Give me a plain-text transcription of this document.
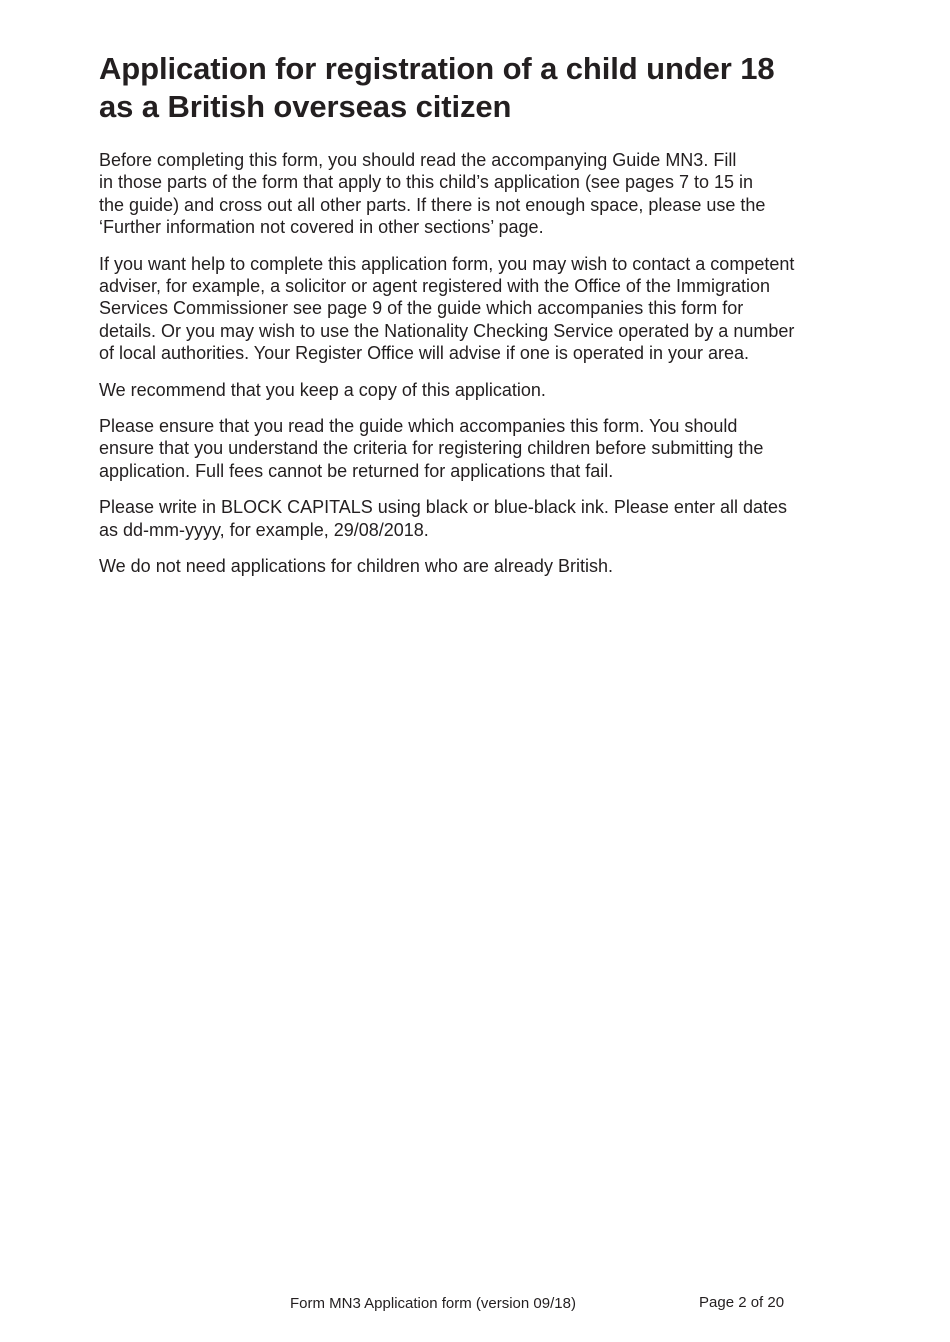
Application for registration of a child under 18
as a British overseas citizen

Before completing this form, you should read the accompanying Guide MN3. Fill
in those parts of the form that apply to this child’s application (see pages 7 to 15 in
the guide) and cross out all other parts. If there is not enough space, please use the
‘Further information not covered in other sections’ page.

If you want help to complete this application form, you may wish to contact a competent
adviser, for example, a solicitor or agent registered with the Office of the Immigration
Services Commissioner see page 9 of the guide which accompanies this form for
details. Or you may wish to use the Nationality Checking Service operated by a number
of local authorities. Your Register Office will advise if one is operated in your area.

We recommend that you keep a copy of this application.

Please ensure that you read the guide which accompanies this form. You should
ensure that you understand the criteria for registering children before submitting the
application. Full fees cannot be returned for applications that fail.

Please write in BLOCK CAPITALS using black or blue-black ink. Please enter all dates
as dd-mm-yyyy, for example, 29/08/2018.

We do not need applications for children who are already British.

Form MN3 Application form (version 09/18)	Page 2 of 20
